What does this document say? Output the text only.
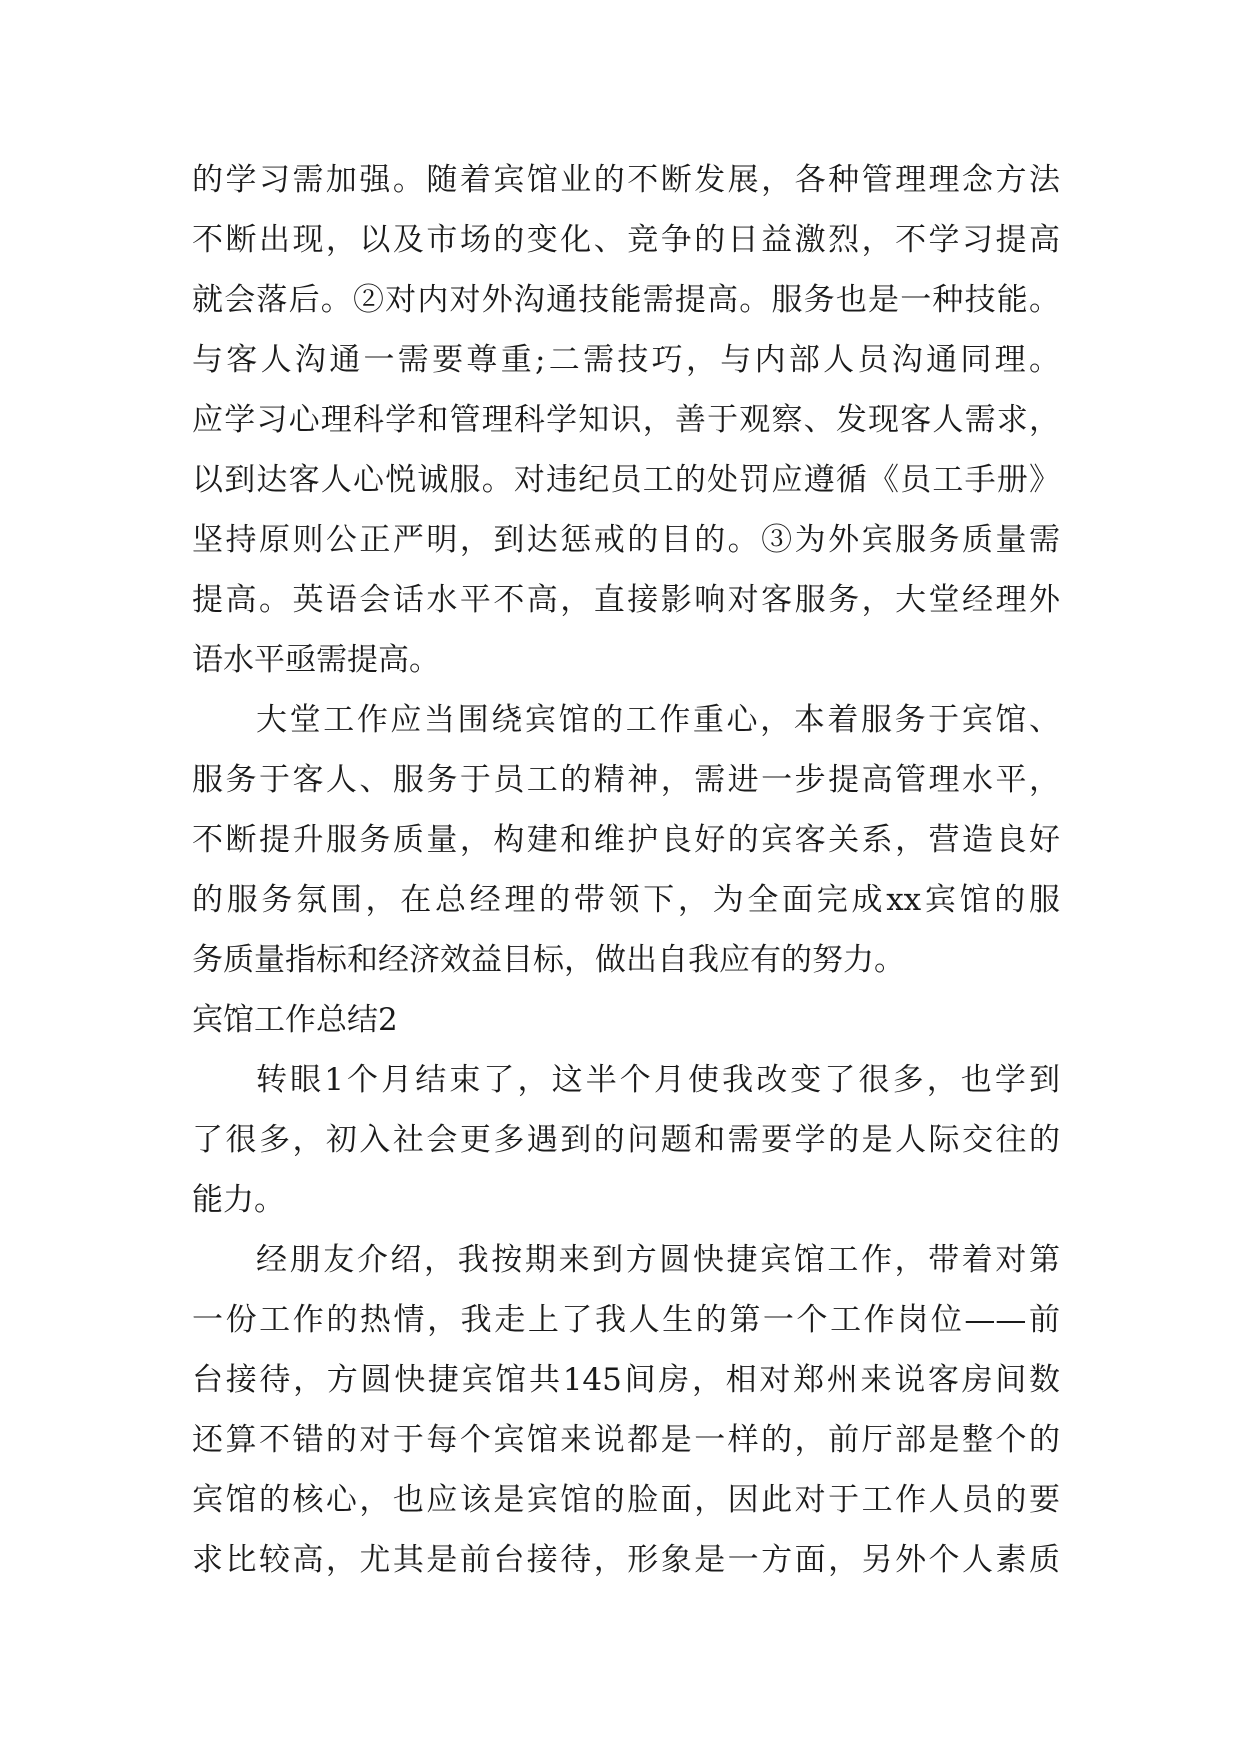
的学习需加强。随着宾馆业的不断发展，各种管理理念方法
不断出现，以及市场的变化、竞争的日益激烈，不学习提高
就会落后。②对内对外沟通技能需提高。服务也是一种技能。
与客人沟通一需要尊重;二需技巧，与内部人员沟通同理。
应学习心理科学和管理科学知识，善于观察、发现客人需求，
以到达客人心悦诚服。对违纪员工的处罚应遵循《员工手册》
坚持原则公正严明，到达惩戒的目的。③为外宾服务质量需
提高。英语会话水平不高，直接影响对客服务，大堂经理外
语水平亟需提高。
大堂工作应当围绕宾馆的工作重心，本着服务于宾馆、
服务于客人、服务于员工的精神，需进一步提高管理水平，
不断提升服务质量，构建和维护良好的宾客关系，营造良好
的服务氛围，在总经理的带领下，为全面完成xx宾馆的服
务质量指标和经济效益目标，做出自我应有的努力。
宾馆工作总结2
转眼1个月结束了，这半个月使我改变了很多，也学到
了很多，初入社会更多遇到的问题和需要学的是人际交往的
能力。
经朋友介绍，我按期来到方圆快捷宾馆工作，带着对第
一份工作的热情，我走上了我人生的第一个工作岗位——前
台接待，方圆快捷宾馆共145间房，相对郑州来说客房间数
还算不错的对于每个宾馆来说都是一样的，前厅部是整个的
宾馆的核心，也应该是宾馆的脸面，因此对于工作人员的要
求比较高，尤其是前台接待，形象是一方面，另外个人素质
